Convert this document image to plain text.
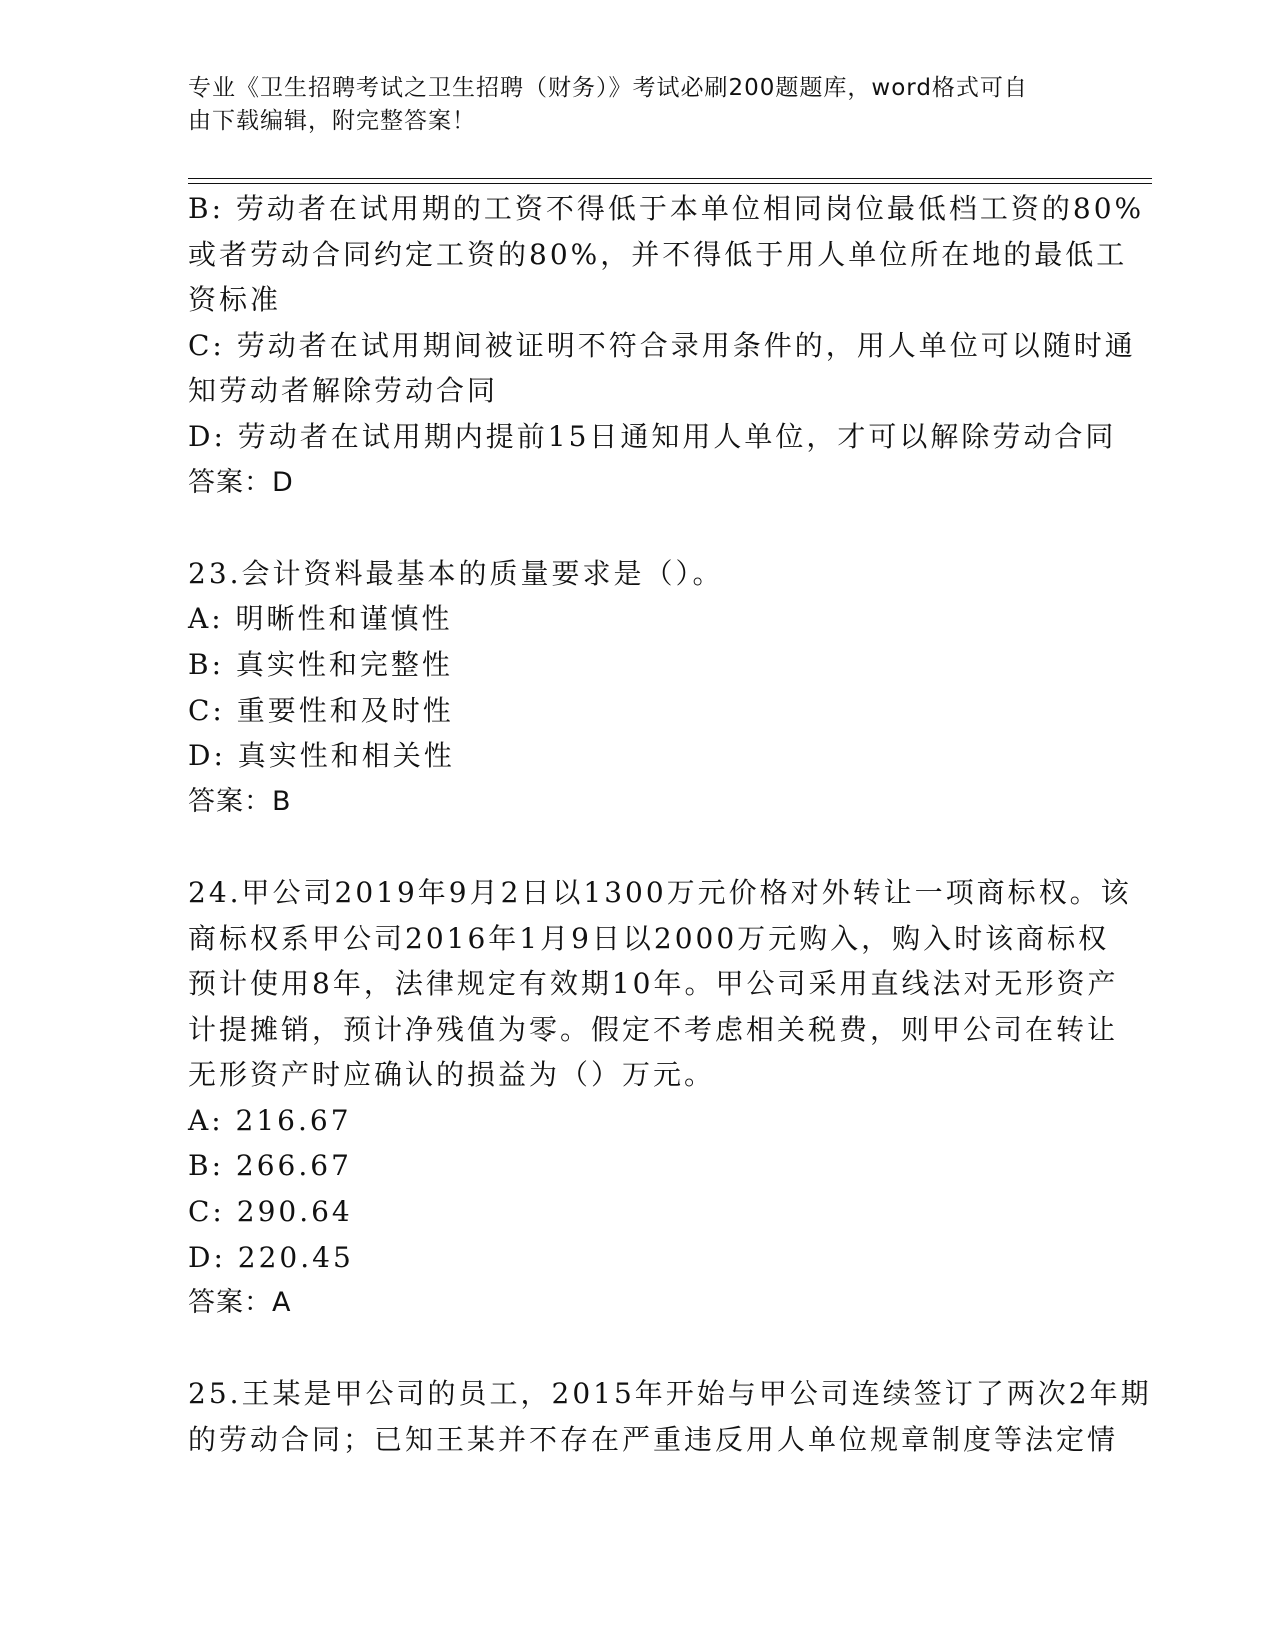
专业《卫生招聘考试之卫生招聘（财务）》考试必刷200题题库，word格式可自
由下载编辑，附完整答案！
B: 劳动者在试用期的工资不得低于本单位相同岗位最低档工资的80%
或者劳动合同约定工资的80%，并不得低于用人单位所在地的最低工
资标准
C: 劳动者在试用期间被证明不符合录用条件的，用人单位可以随时通
知劳动者解除劳动合同
D: 劳动者在试用期内提前15日通知用人单位，才可以解除劳动合同
答案：D
23.会计资料最基本的质量要求是（）。
A: 明晰性和谨慎性
B: 真实性和完整性
C: 重要性和及时性
D: 真实性和相关性
答案：B
24.甲公司2019年9月2日以1300万元价格对外转让一项商标权。该
商标权系甲公司2016年1月9日以2000万元购入，购入时该商标权
预计使用8年，法律规定有效期10年。甲公司采用直线法对无形资产
计提摊销，预计净残值为零。假定不考虑相关税费，则甲公司在转让
无形资产时应确认的损益为（）万元。
A: 216.67
B: 266.67
C: 290.64
D: 220.45
答案：A
25.王某是甲公司的员工，2015年开始与甲公司连续签订了两次2年期
的劳动合同；已知王某并不存在严重违反用人单位规章制度等法定情
